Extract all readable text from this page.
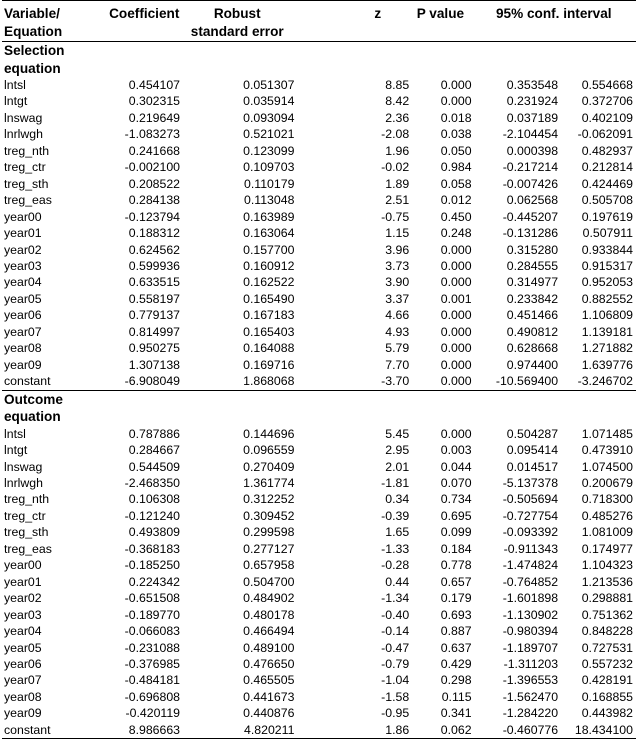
Variable/	Coefficient	Robust	z	P value	95% conf. interval	
Equation		standard error				
Selection						
equation						
lntsl	0.454107	0.051307	8.85	0.000	0.353548	0.554668
lntgt	0.302315	0.035914	8.42	0.000	0.231924	0.372706
lnswag	0.219649	0.093094	2.36	0.018	0.037189	0.402109
lnrlwgh	-1.083273	0.521021	-2.08	0.038	-2.104454	-0.062091
treg_nth	0.241668	0.123099	1.96	0.050	0.000398	0.482937
treg_ctr	-0.002100	0.109703	-0.02	0.984	-0.217214	0.212814
treg_sth	0.208522	0.110179	1.89	0.058	-0.007426	0.424469
treg_eas	0.284138	0.113048	2.51	0.012	0.062568	0.505708
year00	-0.123794	0.163989	-0.75	0.450	-0.445207	0.197619
year01	0.188312	0.163064	1.15	0.248	-0.131286	0.507911
year02	0.624562	0.157700	3.96	0.000	0.315280	0.933844
year03	0.599936	0.160912	3.73	0.000	0.284555	0.915317
year04	0.633515	0.162522	3.90	0.000	0.314977	0.952053
year05	0.558197	0.165490	3.37	0.001	0.233842	0.882552
year06	0.779137	0.167183	4.66	0.000	0.451466	1.106809
year07	0.814997	0.165403	4.93	0.000	0.490812	1.139181
year08	0.950275	0.164088	5.79	0.000	0.628668	1.271882
year09	1.307138	0.169716	7.70	0.000	0.974400	1.639776
constant	-6.908049	1.868068	-3.70	0.000	-10.569400	-3.246702
Outcome						
equation						
lntsl	0.787886	0.144696	5.45	0.000	0.504287	1.071485
lntgt	0.284667	0.096559	2.95	0.003	0.095414	0.473910
lnswag	0.544509	0.270409	2.01	0.044	0.014517	1.074500
lnrlwgh	-2.468350	1.361774	-1.81	0.070	-5.137378	0.200679
treg_nth	0.106308	0.312252	0.34	0.734	-0.505694	0.718300
treg_ctr	-0.121240	0.309452	-0.39	0.695	-0.727754	0.485276
treg_sth	0.493809	0.299598	1.65	0.099	-0.093392	1.081009
treg_eas	-0.368183	0.277127	-1.33	0.184	-0.911343	0.174977
year00	-0.185250	0.657958	-0.28	0.778	-1.474824	1.104323
year01	0.224342	0.504700	0.44	0.657	-0.764852	1.213536
year02	-0.651508	0.484902	-1.34	0.179	-1.601898	0.298881
year03	-0.189770	0.480178	-0.40	0.693	-1.130902	0.751362
year04	-0.066083	0.466494	-0.14	0.887	-0.980394	0.848228
year05	-0.231088	0.489100	-0.47	0.637	-1.189707	0.727531
year06	-0.376985	0.476650	-0.79	0.429	-1.311203	0.557232
year07	-0.484181	0.465505	-1.04	0.298	-1.396553	0.428191
year08	-0.696808	0.441673	-1.58	0.115	-1.562470	0.168855
year09	-0.420119	0.440876	-0.95	0.341	-1.284220	0.443982
constant	8.986663	4.820211	1.86	0.062	-0.460776	18.434100
